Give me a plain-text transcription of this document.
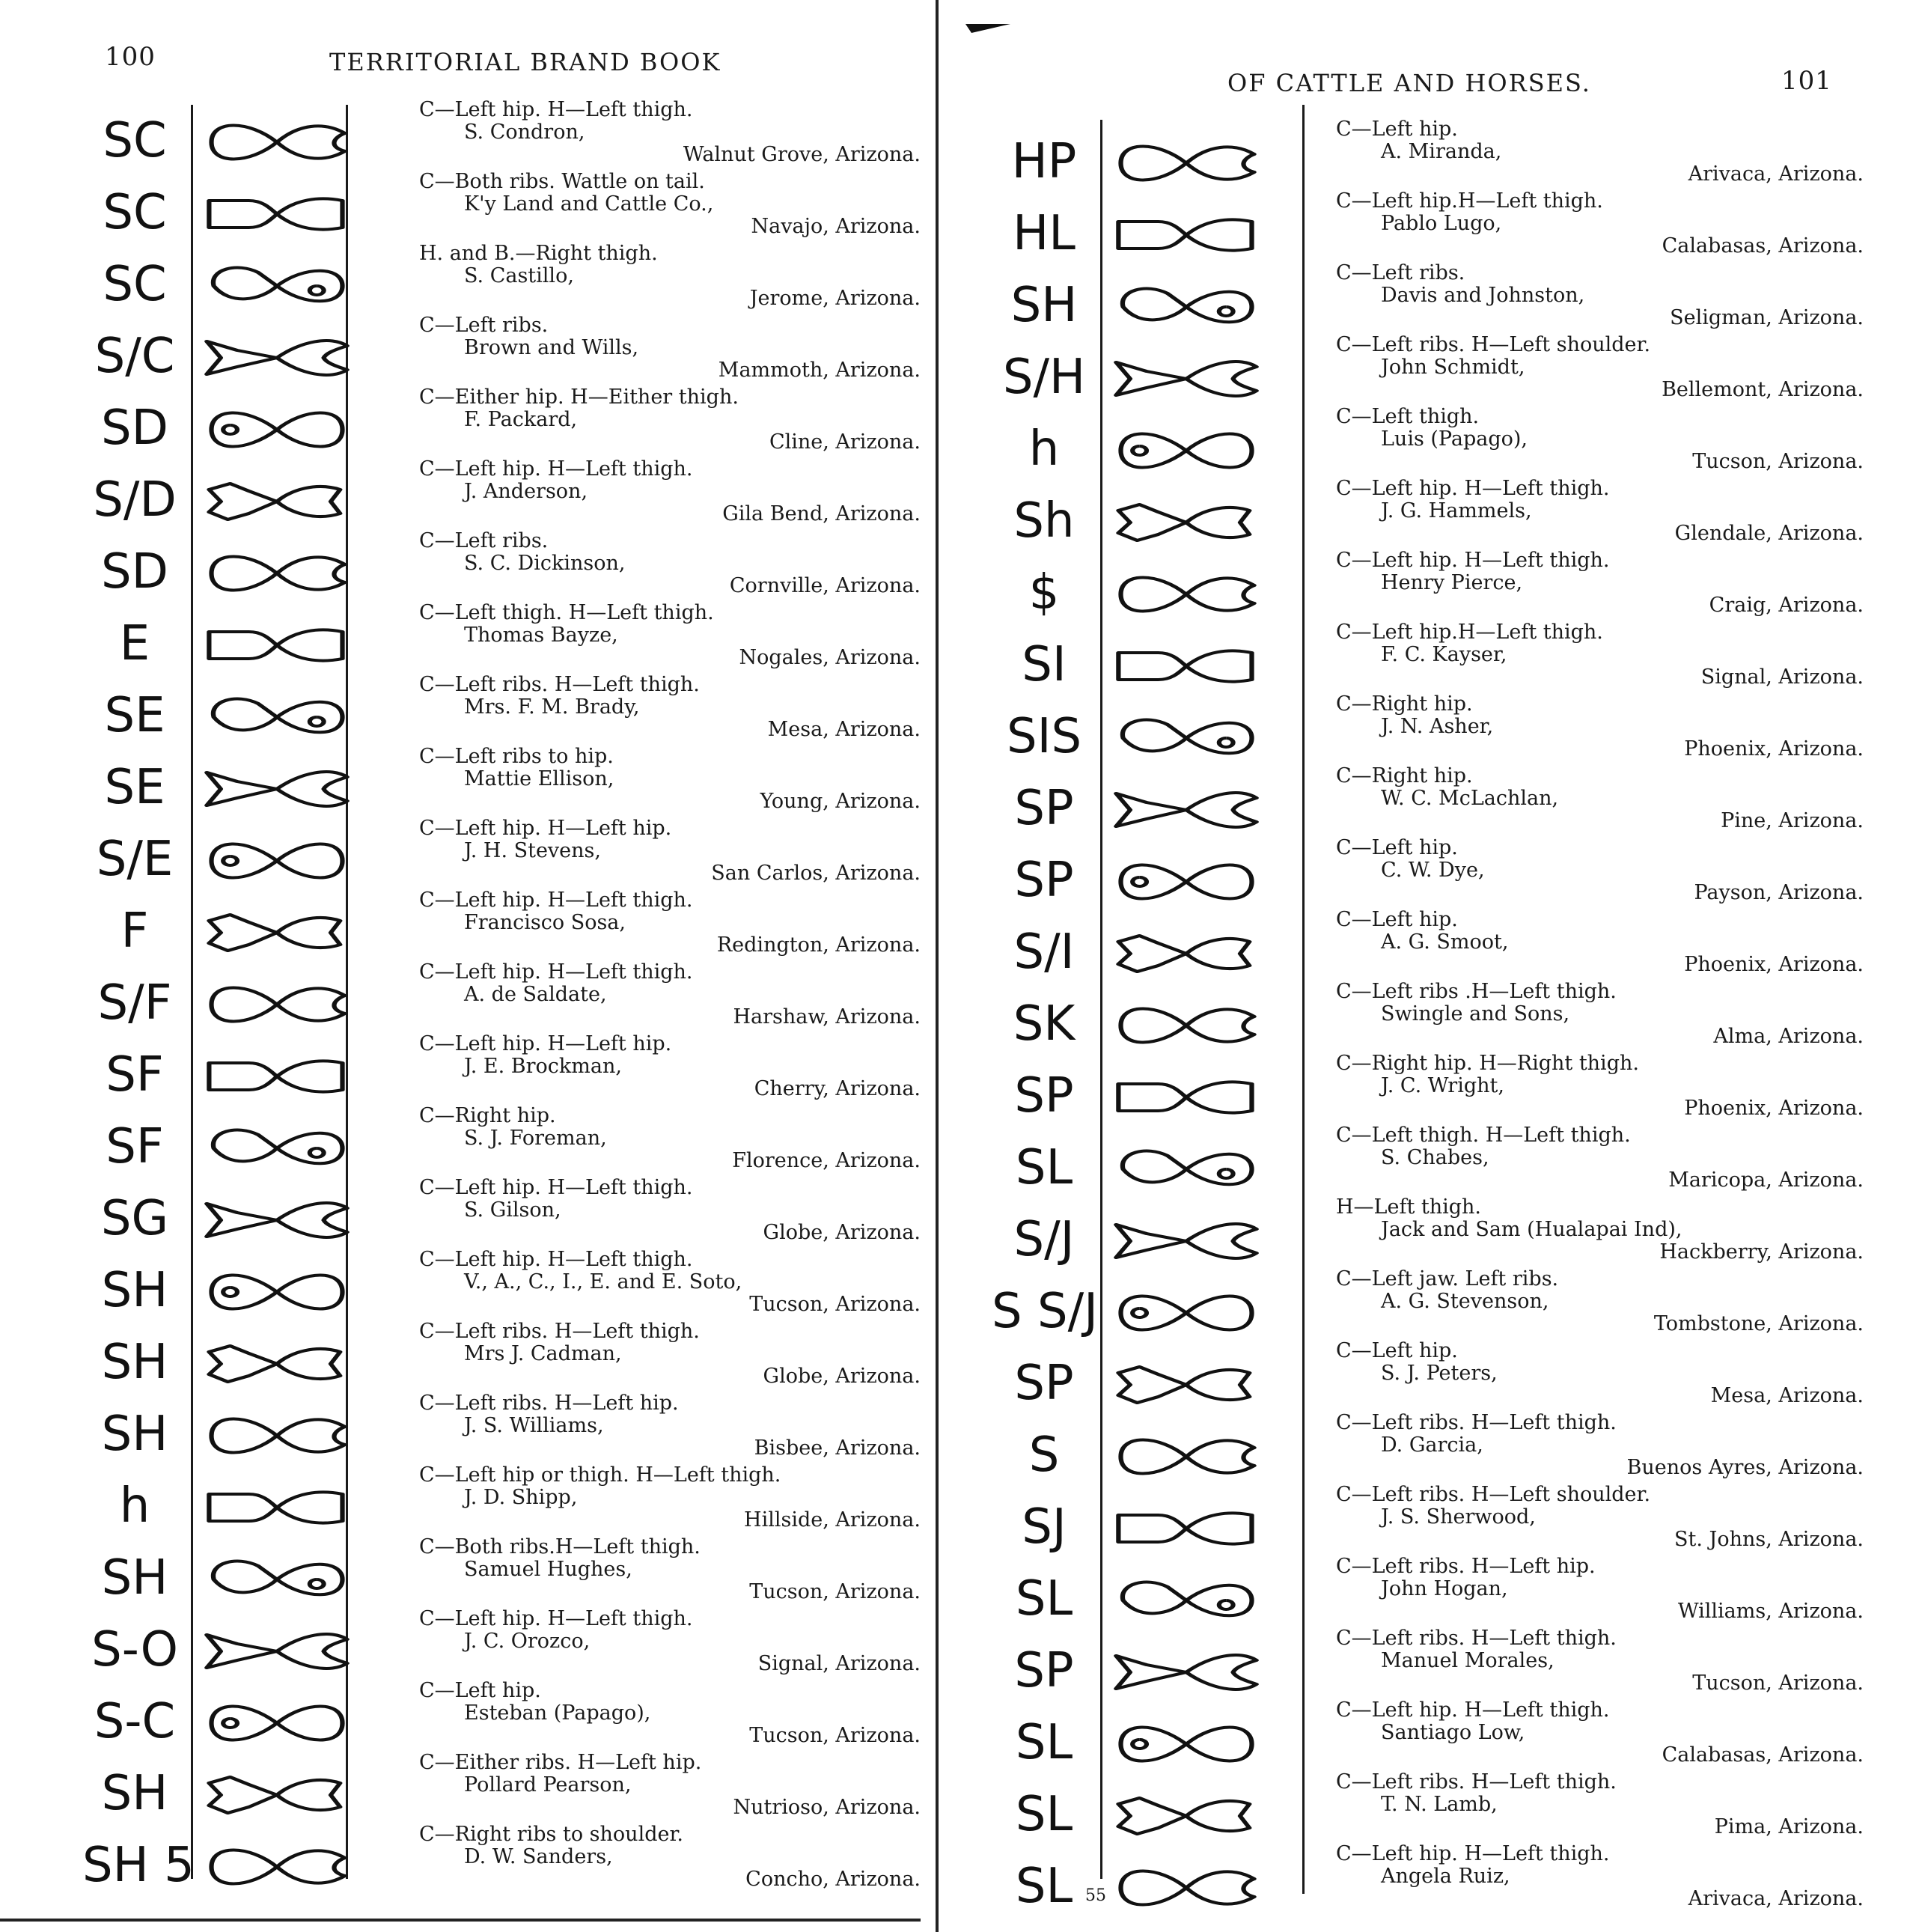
100	TERRITORIAL BRAND BOOK
SC
SC
SC
S/C
SD
S/D
SD
E
SE
SE
S/E
F
S/F
SF
SF
SG
SH
SH
SH
h
SH
S-O
S-C
SH
SH 5
C—Left hip. H—Left thigh.
S. Condron,
Walnut Grove, Arizona.
C—Both ribs. Wattle on tail.
K'y Land and Cattle Co.,
Navajo, Arizona.
H. and B.—Right thigh.
S. Castillo,
Jerome, Arizona.
C—Left ribs.
Brown and Wills,
Mammoth, Arizona.
C—Either hip. H—Either thigh.
F. Packard,
Cline, Arizona.
C—Left hip. H—Left thigh.
J. Anderson,
Gila Bend, Arizona.
C—Left ribs.
S. C. Dickinson,
Cornville, Arizona.
C—Left thigh. H—Left thigh.
Thomas Bayze,
Nogales, Arizona.
C—Left ribs. H—Left thigh.
Mrs. F. M. Brady,
Mesa, Arizona.
C—Left ribs to hip.
Mattie Ellison,
Young, Arizona.
C—Left hip. H—Left hip.
J. H. Stevens,
San Carlos, Arizona.
C—Left hip. H—Left thigh.
Francisco Sosa,
Redington, Arizona.
C—Left hip. H—Left thigh.
A. de Saldate,
Harshaw, Arizona.
C—Left hip. H—Left hip.
J. E. Brockman,
Cherry, Arizona.
C—Right hip.
S. J. Foreman,
Florence, Arizona.
C—Left hip. H—Left thigh.
S. Gilson,
Globe, Arizona.
C—Left hip. H—Left thigh.
V., A., C., I., E. and E. Soto,
Tucson, Arizona.
C—Left ribs. H—Left thigh.
Mrs J. Cadman,
Globe, Arizona.
C—Left ribs. H—Left hip.
J. S. Williams,
Bisbee, Arizona.
C—Left hip or thigh. H—Left thigh.
J. D. Shipp,
Hillside, Arizona.
C—Both ribs.H—Left thigh.
Samuel Hughes,
Tucson, Arizona.
C—Left hip. H—Left thigh.
J. C. Orozco,
Signal, Arizona.
C—Left hip.
Esteban (Papago),
Tucson, Arizona.
C—Either ribs. H—Left hip.
Pollard Pearson,
Nutrioso, Arizona.
C—Right ribs to shoulder.
D. W. Sanders,
Concho, Arizona.
OF CATTLE AND HORSES.	101
HP
HL
SH
S/H
h
Sh
$
SI
SIS
SP
SP
S/I
SK
SP
SL
S/J
S S/J
SP
S
SJ
SL
SP
SL
SL
SL
C—Left hip.
A. Miranda,
Arivaca, Arizona.
C—Left hip.H—Left thigh.
Pablo Lugo,
Calabasas, Arizona.
C—Left ribs.
Davis and Johnston,
Seligman, Arizona.
C—Left ribs. H—Left shoulder.
John Schmidt,
Bellemont, Arizona.
C—Left thigh.
Luis (Papago),
Tucson, Arizona.
C—Left hip. H—Left thigh.
J. G. Hammels,
Glendale, Arizona.
C—Left hip. H—Left thigh.
Henry Pierce,
Craig, Arizona.
C—Left hip.H—Left thigh.
F. C. Kayser,
Signal, Arizona.
C—Right hip.
J. N. Asher,
Phoenix, Arizona.
C—Right hip.
W. C. McLachlan,
Pine, Arizona.
C—Left hip.
C. W. Dye,
Payson, Arizona.
C—Left hip.
A. G. Smoot,
Phoenix, Arizona.
C—Left ribs .H—Left thigh.
Swingle and Sons,
Alma, Arizona.
C—Right hip. H—Right thigh.
J. C. Wright,
Phoenix, Arizona.
C—Left thigh. H—Left thigh.
S. Chabes,
Maricopa, Arizona.
H—Left thigh.
Jack and Sam (Hualapai Ind),
Hackberry, Arizona.
C—Left jaw. Left ribs.
A. G. Stevenson,
Tombstone, Arizona.
C—Left hip.
S. J. Peters,
Mesa, Arizona.
C—Left ribs. H—Left thigh.
D. Garcia,
Buenos Ayres, Arizona.
C—Left ribs. H—Left shoulder.
J. S. Sherwood,
St. Johns, Arizona.
C—Left ribs. H—Left hip.
John Hogan,
Williams, Arizona.
C—Left ribs. H—Left thigh.
Manuel Morales,
Tucson, Arizona.
C—Left hip. H—Left thigh.
Santiago Low,
Calabasas, Arizona.
C—Left ribs. H—Left thigh.
T. N. Lamb,
Pima, Arizona.
C—Left hip. H—Left thigh.
Angela Ruiz,
Arivaca, Arizona.
55
